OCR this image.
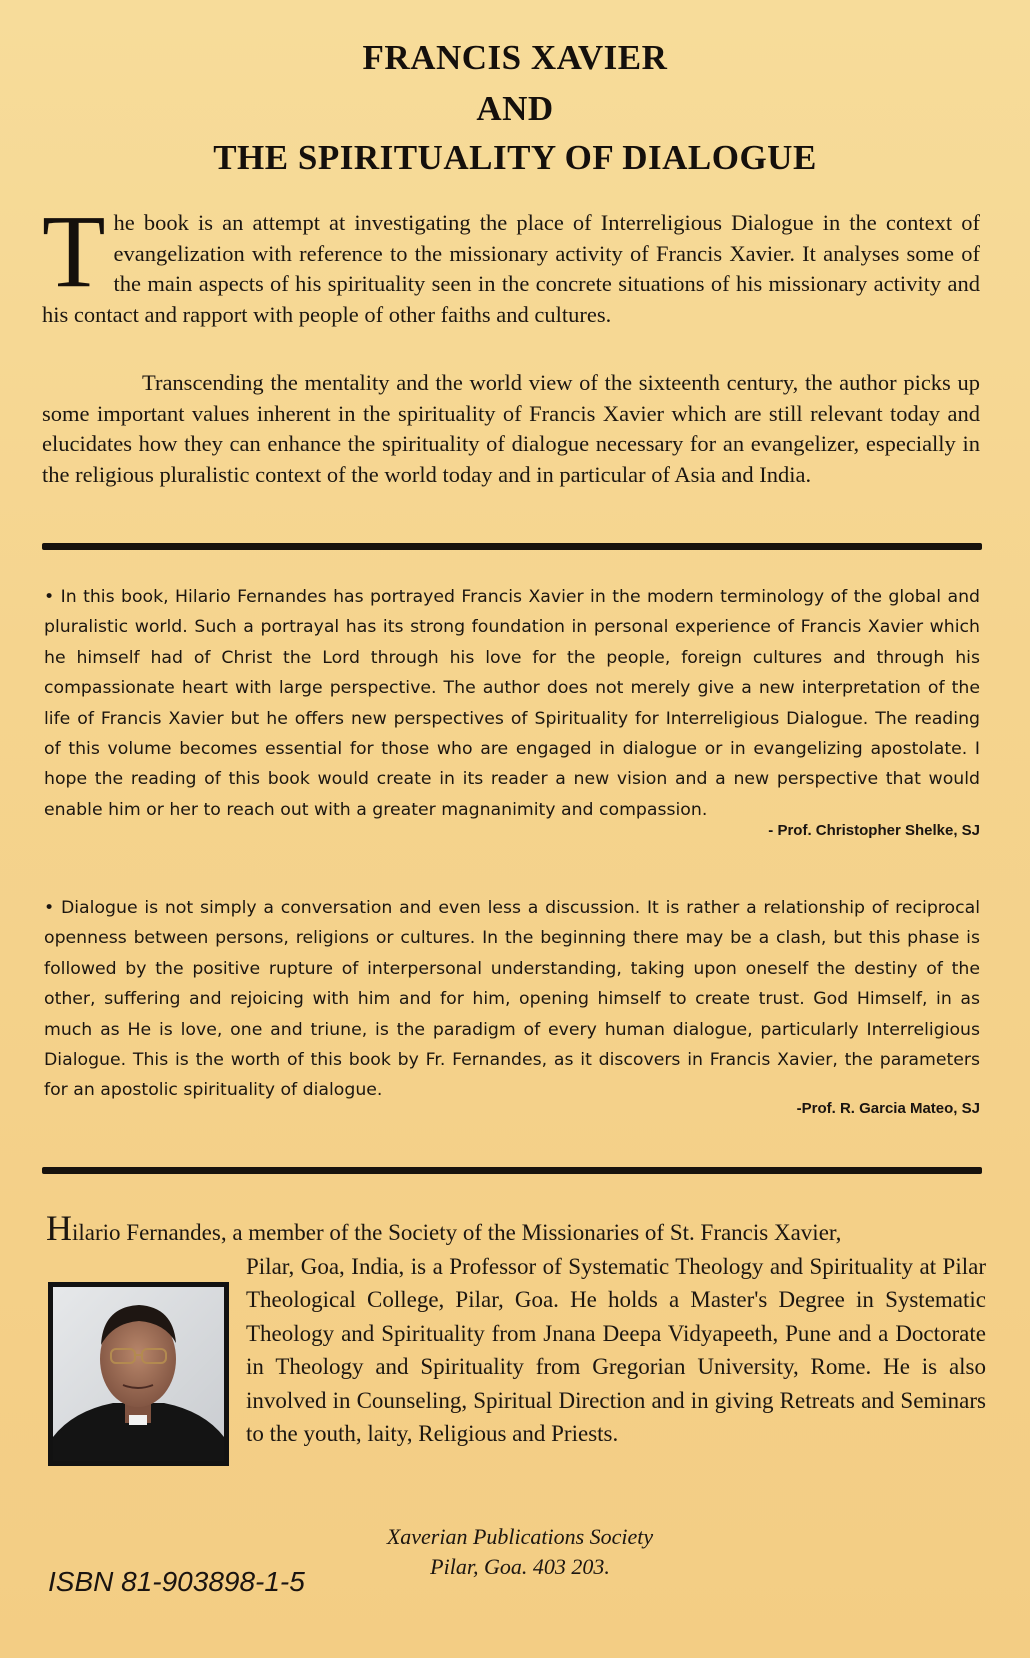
FRANCIS XAVIER
AND
THE SPIRITUALITY OF DIALOGUE
The book is an attempt at investigating the place of Interreligious Dialogue in the context of evangelization with reference to the missionary activity of Francis Xavier. It analyses some of the main aspects of his spirituality seen in the concrete situations of his missionary activity and his contact and rapport with people of other faiths and cultures.
Transcending the mentality and the world view of the sixteenth century, the author picks up some important values inherent in the spirituality of Francis Xavier which are still relevant today and elucidates how they can enhance the spirituality of dialogue necessary for an evangelizer, especially in the religious pluralistic context of the world today and in particular of Asia and India.
• In this book, Hilario Fernandes has portrayed Francis Xavier in the modern terminology of the global and pluralistic world. Such a portrayal has its strong foundation in personal experience of Francis Xavier which he himself had of Christ the Lord through his love for the people, foreign cultures and through his compassionate heart with large perspective. The author does not merely give a new interpretation of the life of Francis Xavier but he offers new perspectives of Spirituality for Interreligious Dialogue. The reading of this volume becomes essential for those who are engaged in dialogue or in evangelizing apostolate. I hope the reading of this book would create in its reader a new vision and a new perspective that would enable him or her to reach out with a greater magnanimity and compassion.
- Prof. Christopher Shelke, SJ
• Dialogue is not simply a conversation and even less a discussion. It is rather a relationship of reciprocal openness between persons, religions or cultures. In the beginning there may be a clash, but this phase is followed by the positive rupture of interpersonal understanding, taking upon oneself the destiny of the other, suffering and rejoicing with him and for him, opening himself to create trust. God Himself, in as much as He is love, one and triune, is the paradigm of every human dialogue, particularly Interreligious Dialogue. This is the worth of this book by Fr. Fernandes, as it discovers in Francis Xavier, the parameters for an apostolic spirituality of dialogue.
-Prof. R. Garcia Mateo, SJ
Hilario Fernandes, a member of the Society of the Missionaries of St. Francis Xavier,
Pilar, Goa, India, is a Professor of Systematic Theology and Spirituality at Pilar Theological College, Pilar, Goa. He holds a Master's Degree in Systematic Theology and Spirituality from Jnana Deepa Vidyapeeth, Pune and a Doctorate in Theology and Spirituality from Gregorian University, Rome. He is also involved in Counseling, Spiritual Direction and in giving Retreats and Seminars to the youth, laity, Religious and Priests.
Xaverian Publications Society
Pilar, Goa. 403 203.
ISBN 81-903898-1-5
